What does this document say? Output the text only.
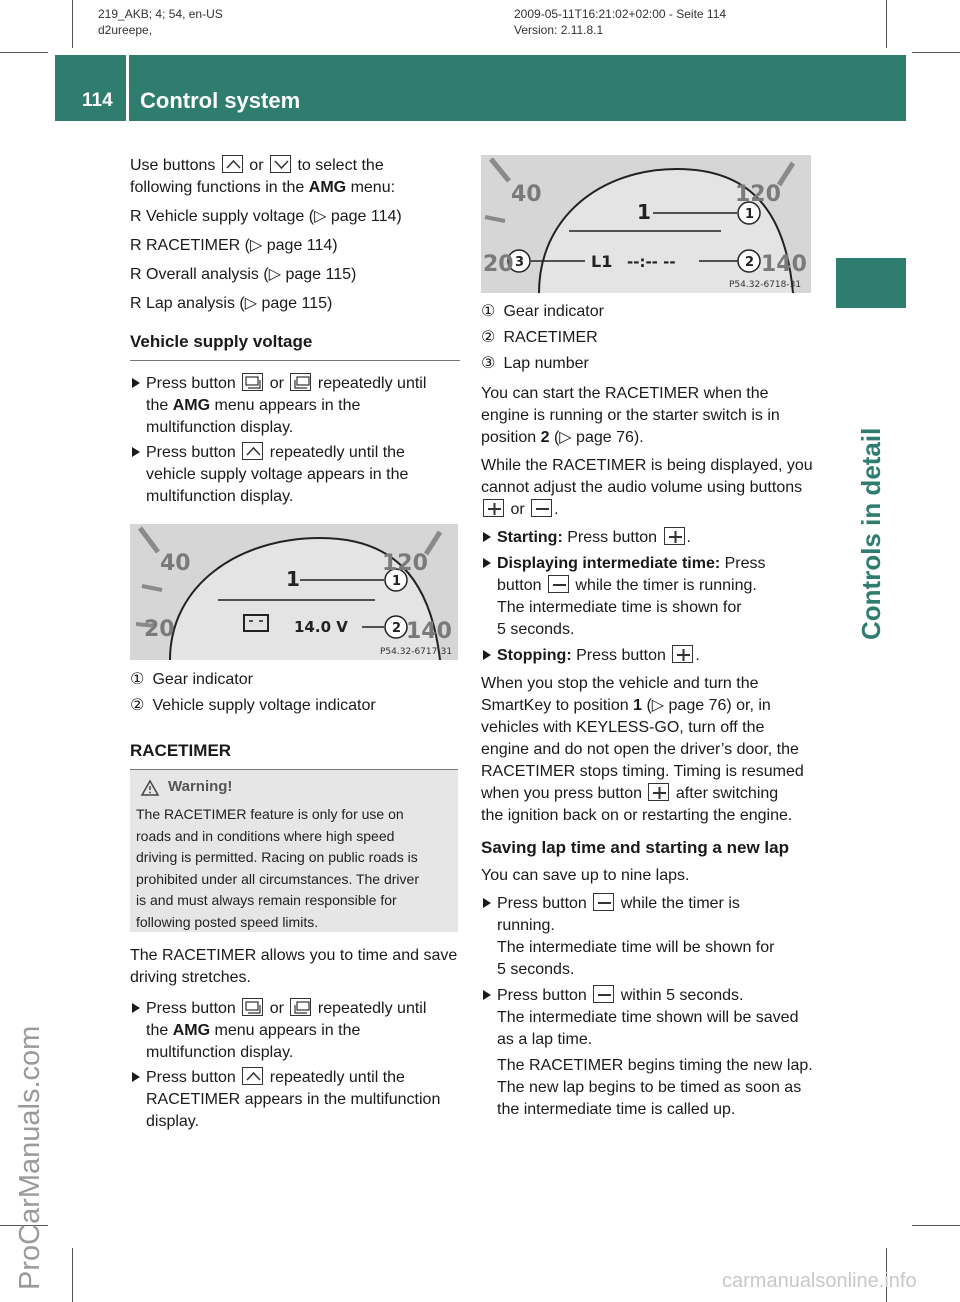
219_AKB; 4; 54, en-US
d2ureepe,
2009-05-11T16:21:02+02:00 - Seite 114
Version: 2.11.8.1
114 Control system
Controls in detail
ProCarManuals.com

Use buttons or to select the
following functions in the AMG menu:

R Vehicle supply voltage (▷ page 114)

R RACETIMER (▷ page 114)

R Overall analysis (▷ page 115)

R Lap analysis (▷ page 115)

Vehicle supply voltage
Press button or repeatedly until
the AMG menu appears in the
multifunction display.
Press button repeatedly until the
vehicle supply voltage appears in the
multifunction display.
40	120
20	140
1
14.0 V
1
2
P54.32-6717-31

① Gear indicator

② Vehicle supply voltage indicator

RACETIMER
Warning!
The RACETIMER feature is only for use on
roads and in conditions where high speed
driving is permitted. Racing on public roads is
prohibited under all circumstances. The driver
is and must always remain responsible for
following posted speed limits.

The RACETIMER allows you to time and save
driving stretches.

Press button or repeatedly until
the AMG menu appears in the
multifunction display.
Press button repeatedly until the
RACETIMER appears in the multifunction
display.
40	120
20	140
1
L1 --:-- --
3
1
2
P54.32-6718-31

① Gear indicator

② RACETIMER

③ Lap number

You can start the RACETIMER when the
engine is running or the starter switch is in
position 2 (▷ page 76).

While the RACETIMER is being displayed, you
cannot adjust the audio volume using buttons

or .

Starting: Press button .
Displaying intermediate time: Press
button while the timer is running.
The intermediate time is shown for
5 seconds.
Stopping: Press button .

When you stop the vehicle and turn the
SmartKey to position 1 (▷ page 76) or, in
vehicles with KEYLESS-GO, turn off the
engine and do not open the driver’s door, the
RACETIMER stops timing. Timing is resumed
when you press button after switching
the ignition back on or restarting the engine.

Saving lap time and starting a new lap

You can save up to nine laps.

Press button while the timer is
running.
The intermediate time will be shown for
5 seconds.
Press button within 5 seconds.
The intermediate time shown will be saved
as a lap time.
The RACETIMER begins timing the new lap.
The new lap begins to be timed as soon as
the intermediate time is called up.
carmanualsonline.info
